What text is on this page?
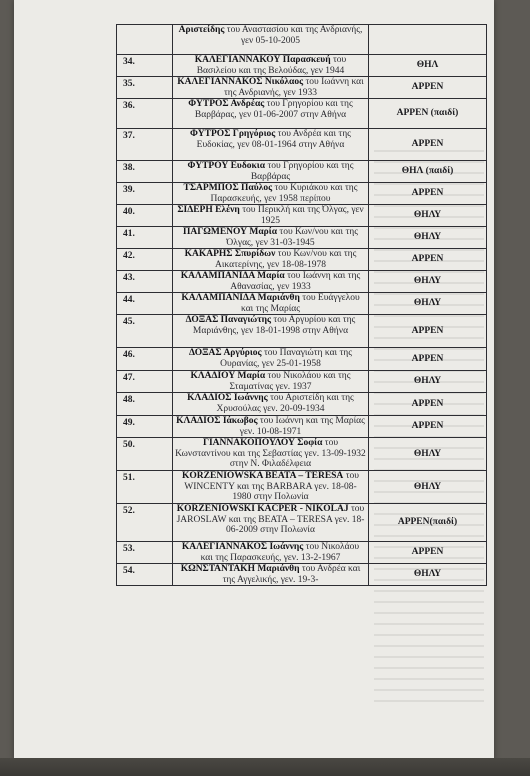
	Αριστείδης του Αναστασίου και της Ανδριανής, γεν 05-10-2005	
34.	ΚΑΛΕΓΙΑΝΝΑΚΟΥ Παρασκευή του Βασιλείου και της Βελούδας, γεν 1944	ΘΗΛ
35.	ΚΑΛΕΓΙΑΝΝΑΚΟΣ Νικόλαος του Ιωάννη και της Ανδριανής, γεν 1933	ΑΡΡΕΝ
36.	ΦΥΤΡΟΣ Ανδρέας του Γρηγορίου και της Βαρβάρας, γεν 01-06-2007 στην Αθήνα	ΑΡΡΕΝ (παιδί)
37.	ΦΥΤΡΟΣ Γρηγόριος του Ανδρέα και της Ευδοκίας, γεν 08-01-1964 στην Αθήνα	ΑΡΡΕΝ
38.	ΦΥΤΡΟΥ Ευδοκια του Γρηγορίου και της Βαρβάρας	ΘΗΛ (παιδί)
39.	ΤΣΑΡΜΠΟΣ Παύλος του Κυριάκου και της Παρασκευής, γεν 1958 περίπου	ΑΡΡΕΝ
40.	ΣΙΔΕΡΗ Ελένη του Περικλή και της Όλγας, γεν 1925	ΘΗΛΥ
41.	ΠΑΓΩΜΕΝΟΥ Μαρία του Κων/νου και της Όλγας, γεν 31-03-1945	ΘΗΛΥ
42.	ΚΑΚΑΡΗΣ Σπυρίδων του Κων/νου και της Αικατερίνης, γεν 18-08-1978	ΑΡΡΕΝ
43.	ΚΑΛΑΜΠΑΝΙΔΑ Μαρία του Ιωάννη και της Αθανασίας, γεν 1933	ΘΗΛΥ
44.	ΚΑΛΑΜΠΑΝΙΔΑ Μαριάνθη του Ευάγγελου και της Μαρίας	ΘΗΛΥ
45.	ΔΟΞΑΣ Παναγιώτης του Αργυρίου και της Μαριάνθης, γεν 18-01-1998 στην Αθήνα	ΑΡΡΕΝ
46.	ΔΟΞΑΣ Αργύριος του Παναγιώτη και της Ουρανίας, γεν 25-01-1958	ΑΡΡΕΝ
47.	ΚΛΑΔΙΟΥ Μαρία του Νικολάου και της Σταματίνας γεν. 1937	ΘΗΛΥ
48.	ΚΛΑΔΙΟΣ Ιωάννης του Αριστείδη και της Χρυσούλας γεν. 20-09-1934	ΑΡΡΕΝ
49.	ΚΛΑΔΙΟΣ Ιάκωβος του Ιωάννη και της Μαρίας γεν. 10-08-1971	ΑΡΡΕΝ
50.	ΓΙΑΝΝΑΚΟΠΟΥΛΟΥ Σοφία του Κωνσταντίνου και της Σεβαστίας γεν. 13-09-1932 στην Ν. Φιλαδέλφεια	ΘΗΛΥ
51.	KORZENIOWSKA BEATA – TERESA του WINCENTY και της BARBARA γεν. 18-08-1980 στην Πολωνία	ΘΗΛΥ
52.	KORZENIOWSKI KACPER - NIKOLAJ του JAROSLAW και της BEATA – TERESA γεν. 18-06-2009 στην Πολωνία	ΑΡΡΕΝ(παιδί)
53.	ΚΑΛΕΓΙΑΝΝΑΚΟΣ Ιωάννης του Νικολάου και της Παρασκευής, γεν. 13-2-1967	ΑΡΡΕΝ
54.	ΚΩΝΣΤΑΝΤΑΚΗ Μαριάνθη του Ανδρέα και της Αγγελικής, γεν. 19-3-	ΘΗΛΥ
